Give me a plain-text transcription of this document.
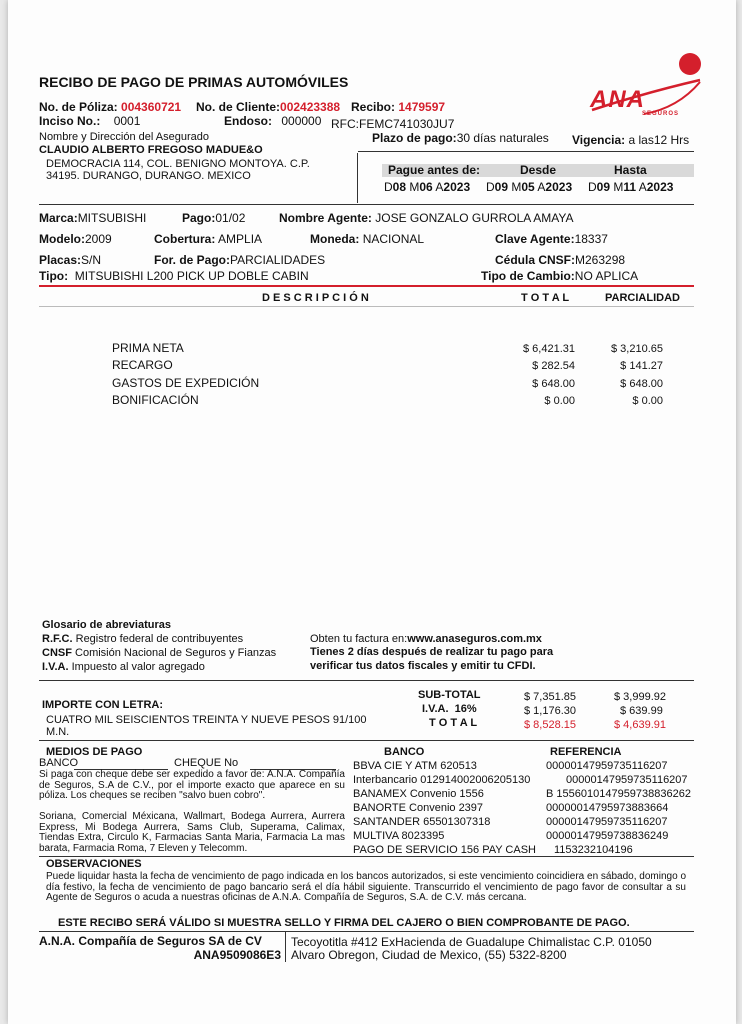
ANA
SEGUROS
RECIBO DE PAGO DE PRIMAS AUTOMÓVILES
No. de Póliza: 004360721 No. de Cliente:002423388 Recibo: 1479597
Inciso No.: 0001	Endoso: 000000 RFC:FEMC741030JU7
Nombre y Dirección del Asegurado	Plazo de pago:30 días naturales Vigencia: a las12 Hrs
CLAUDIO ALBERTO FREGOSO MADUE&O
DEMOCRACIA 114, COL. BENIGNO MONTOYA. C.P.
34195. DURANGO, DURANGO. MEXICO	Pague antes de:	Desde	Hasta
D08 M06 A2023 D09 M05 A2023 D09 M11 A2023
Marca:MITSUBISHI	Pago:01/02	Nombre Agente: JOSE GONZALO GURROLA AMAYA
Modelo:2009	Cobertura: AMPLIA	Moneda: NACIONAL	Clave Agente:18337
Placas:S/N	For. de Pago:PARCIALIDADES	Cédula CNSF:M263298
Tipo: MITSUBISHI L200 PICK UP DOBLE CABIN	Tipo de Cambio:NO APLICA
D E S C R I P C I Ó N	T O T A L	PARCIALIDAD
PRIMA NETA	$ 6,421.31	$ 3,210.65
RECARGO	$ 282.54	$ 141.27
GASTOS DE EXPEDICIÓN	$ 648.00	$ 648.00
BONIFICACIÓN	$ 0.00	$ 0.00
Glosario de abreviaturas
R.F.C. Registro federal de contribuyentes
CNSF Comisión Nacional de Seguros y Fianzas
I.V.A. Impuesto al valor agregado
Obten tu factura en:www.anaseguros.com.mx
Tienes 2 días después de realizar tu pago para
verificar tus datos fiscales y emitir tu CFDI.
IMPORTE CON LETRA:
CUATRO MIL SEISCIENTOS TREINTA Y NUEVE PESOS 91/100
M.N.
SUB-TOTAL	$ 7,351.85	$ 3,999.92
I.V.A. 16%	$ 1,176.30	$ 639.99
T O T A L	$ 8,528.15	$ 4,639.91
MEDIOS DE PAGO	BANCO	REFERENCIA
BANCO	CHEQUE No
Si paga con cheque debe ser expedido a favor de: A.N.A. Compañía de Seguros, S.A de C.V., por el importe exacto que aparece en su póliza. Los cheques se reciben "salvo buen cobro".
Soriana, Comercial Méxicana, Wallmart, Bodega Aurrera, Aurrera Express, Mi Bodega Aurrera, Sams Club, Superama, Calimax, Tiendas Extra, Circulo K, Farmacias Santa Maria, Farmacia La mas barata, Farmacia Roma, 7 Eleven y Telecomm.
BBVA CIE Y ATM 620513	00000147959735116207
Interbancario 012914002006205130	00000147959735116207
BANAMEX Convenio 1556	B 155601014795973883626​2
BANORTE Convenio 2397	00000014795973883664
SANTANDER 65501307318	00000147959735116207
MULTIVA 8023395	00000147959738836249
PAGO DE SERVICIO 156 PAY CASH 1153232104196
OBSERVACIONES
Puede liquidar hasta la fecha de vencimiento de pago indicada en los bancos autorizados, si este vencimiento coincidiera en sábado, domingo o día festivo, la fecha de vencimiento de pago bancario será el día hábil siguiente. Transcurrido el vencimiento de pago favor de consultar a su Agente de Seguros o acuda a nuestras oficinas de A.N.A. Compañía de Seguros, S.A. de C.V. más cercana.
ESTE RECIBO SERÁ VÁLIDO SI MUESTRA SELLO Y FIRMA DEL CAJERO O BIEN COMPROBANTE DE PAGO.
A.N.A. Compañía de Seguros SA de CV
ANA9509086E3
Tecoyotitla #412 ExHacienda de Guadalupe Chimalistac C.P. 01050
Alvaro Obregon, Ciudad de Mexico, (55) 5322-8200
